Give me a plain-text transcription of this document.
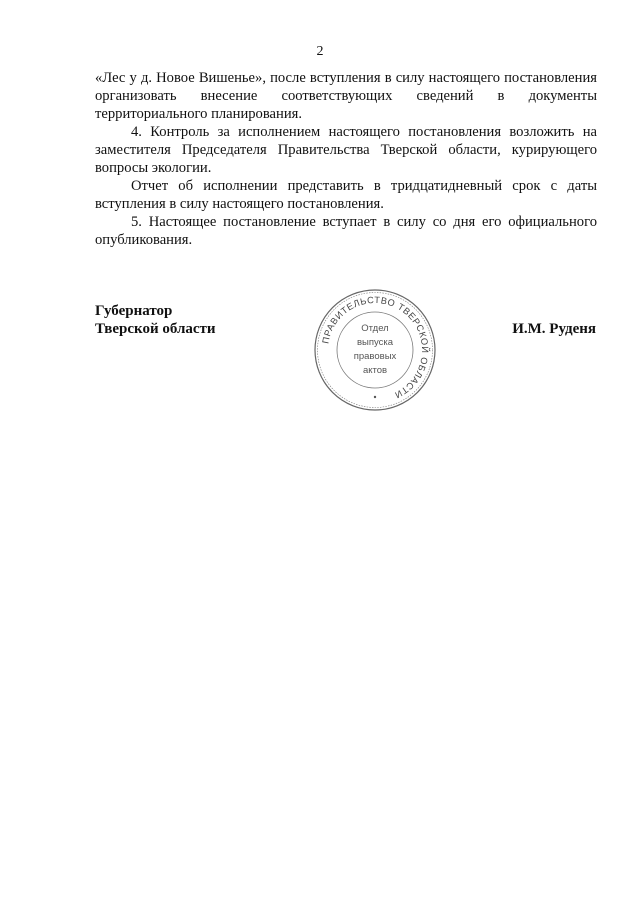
2

«Лес у д. Новое Вишенье», после вступления в силу настоящего постановления организовать внесение соответствующих сведений в документы территориального планирования.

4. Контроль за исполнением настоящего постановления возложить на заместителя Председателя Правительства Тверской области, курирующего вопросы экологии.

Отчет об исполнении представить в тридцатидневный срок с даты вступления в силу настоящего постановления.

5. Настоящее постановление вступает в силу со дня его официального опубликования.

Губернатор
Тверской области
ПРАВИТЕЛЬСТВО ТВЕРСКОЙ ОБЛАСТИ
Отдел
выпуска
правовых
актов
И.М. Руденя
